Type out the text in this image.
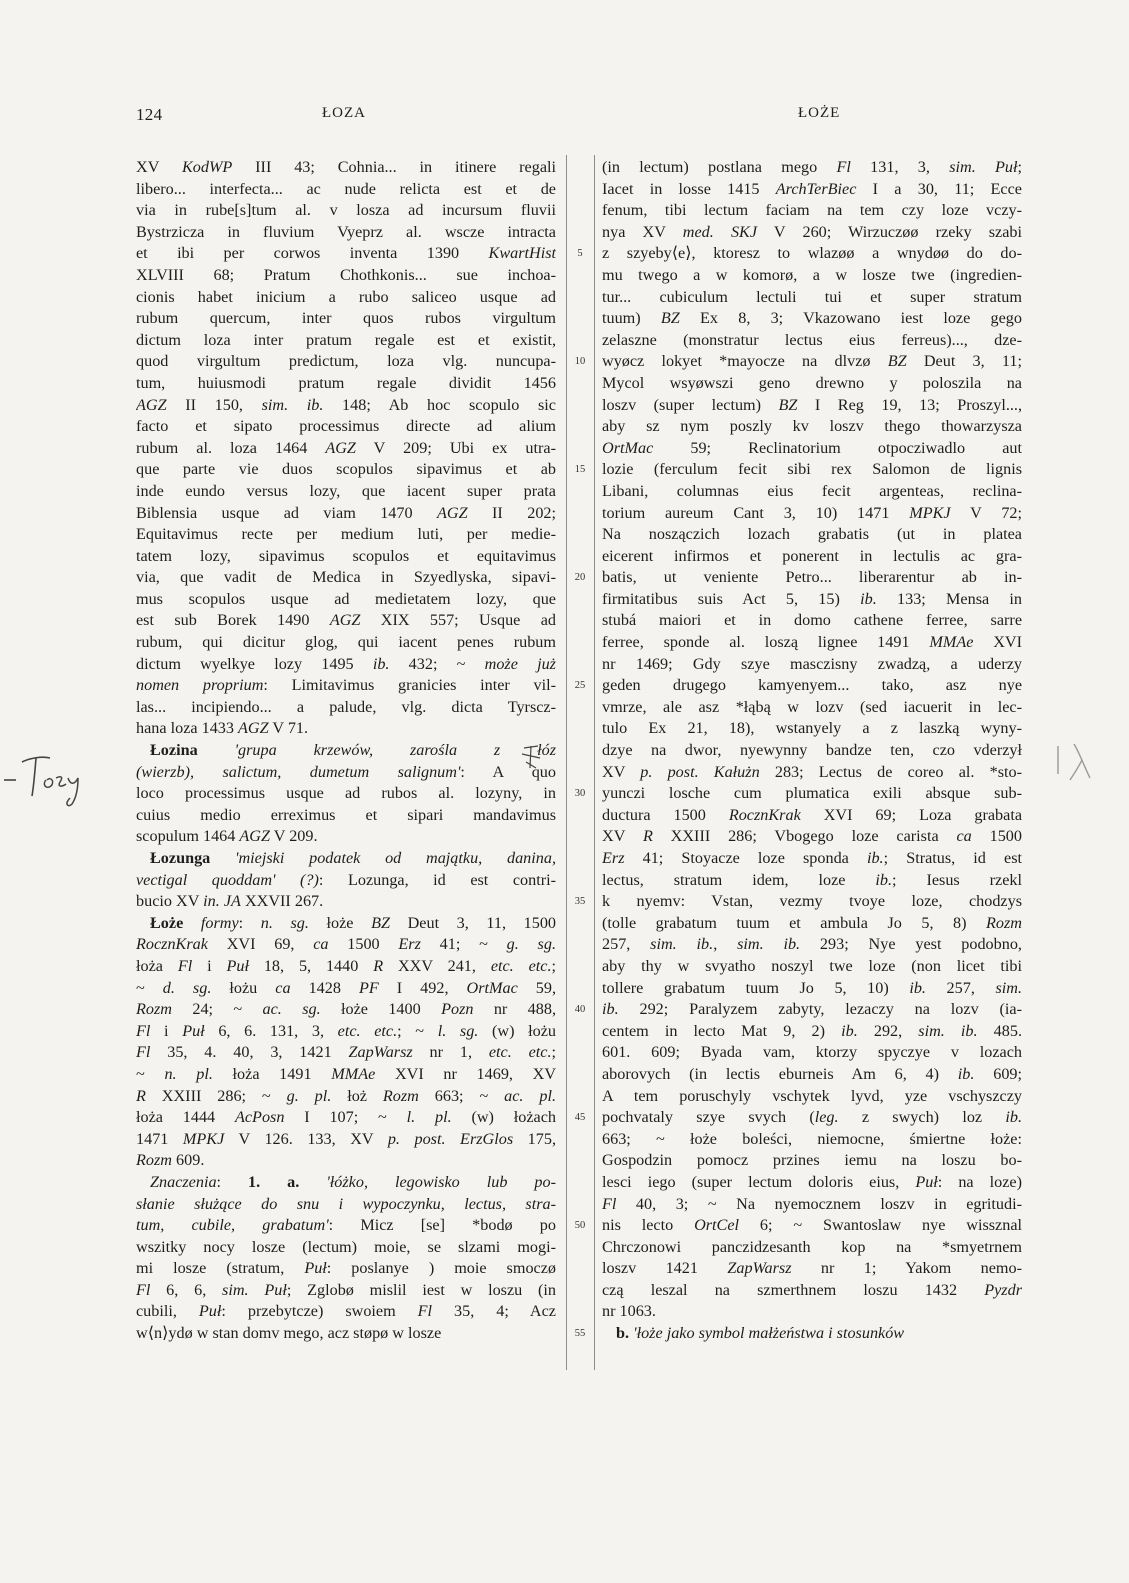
124	ŁOZA	ŁOŻE
XV KodWP III 43; Cohnia... in itinere regali
libero... interfecta... ac nude relicta est et de
via in rube[s]tum al. v losza ad incursum fluvii
Bystrzicza in fluvium Vyeprz al. wscze intracta
et ibi per corwos inventa 1390 KwartHist
XLVIII 68; Pratum Chothkonis... sue inchoa-
cionis habet inicium a rubo saliceo usque ad
rubum quercum, inter quos rubos virgultum
dictum loza inter pratum regale est et existit,
quod virgultum predictum, loza vlg. nuncupa-
tum, huiusmodi pratum regale dividit 1456
AGZ II 150, sim. ib. 148; Ab hoc scopulo sic
facto et sipato processimus directe ad alium
rubum al. loza 1464 AGZ V 209; Ubi ex utra-
que parte vie duos scopulos sipavimus et ab
inde eundo versus lozy, que iacent super prata
Biblensia usque ad viam 1470 AGZ II 202;
Equitavimus recte per medium luti, per medie-
tatem lozy, sipavimus scopulos et equitavimus
via, que vadit de Medica in Szyedlyska, sipavi-
mus scopulos usque ad medietatem lozy, que
est sub Borek 1490 AGZ XIX 557; Usque ad
rubum, qui dicitur glog, qui iacent penes rubum
dictum wyelkye lozy 1495 ib. 432; ~ może już
nomen proprium: Limitavimus granicies inter vil-
las... incipiendo... a palude, vlg. dicta Tyrscz-
hana loza 1433 AGZ V 71.
Łozina 'grupa krzewów, zarośla z łóz
(wierzb), salictum, dumetum salignum': A quo
loco processimus usque ad rubos al. lozyny, in
cuius medio erreximus et sipari mandavimus
scopulum 1464 AGZ V 209.
Łozunga 'miejski podatek od majątku, danina,
vectigal quoddam' (?): Lozunga, id est contri-
bucio XV in. JA XXVII 267.
Łoże formy: n. sg. łoże BZ Deut 3, 11, 1500
RocznKrak XVI 69, ca 1500 Erz 41; ~ g. sg.
łoża Fl i Puł 18, 5, 1440 R XXV 241, etc. etc.;
~ d. sg. łożu ca 1428 PF I 492, OrtMac 59,
Rozm 24; ~ ac. sg. łoże 1400 Pozn nr 488,
Fl i Puł 6, 6. 131, 3, etc. etc.; ~ l. sg. (w) łożu
Fl 35, 4. 40, 3, 1421 ZapWarsz nr 1, etc. etc.;
~ n. pl. łoża 1491 MMAe XVI nr 1469, XV
R XXIII 286; ~ g. pl. łoż Rozm 663; ~ ac. pl.
łoża 1444 AcPosn I 107; ~ l. pl. (w) łożach
1471 MPKJ V 126. 133, XV p. post. ErzGlos 175,
Rozm 609.
Znaczenia: 1. a. 'łóżko, legowisko lub po-
słanie służące do snu i wypoczynku, lectus, stra-
tum, cubile, grabatum': Micz [se] *bodø po
wszitky nocy losze (lectum) moie, se slzami mogi-
mi losze (stratum, Puł: poslanye ) moie smoczø
Fl 6, 6, sim. Puł; Zglobø mislil iest w loszu (in
cubili, Puł: przebytcze) swoiem Fl 35, 4; Acz
w⟨n⟩ydø w stan domv mego, acz støpø w losze
5
10
15
20
25
30
35
40
45
50
55
(in lectum) postlana mego Fl 131, 3, sim. Puł;
Iacet in losse 1415 ArchTerBiec I a 30, 11; Ecce
fenum, tibi lectum faciam na tem czy loze vczy-
nya XV med. SKJ V 260; Wirzuczøø rzeky szabi
z szyeby⟨e⟩, ktoresz to wlazøø a wnydøø do do-
mu twego a w komorø, a w losze twe (ingredien-
tur... cubiculum lectuli tui et super stratum
tuum) BZ Ex 8, 3; Vkazowano iest loze gego
zelaszne (monstratur lectus eius ferreus)..., dze-
wyøcz lokyet *mayocze na dlvzø BZ Deut 3, 11;
Mycol wsyøwszi geno drewno y poloszila na
loszv (super lectum) BZ I Reg 19, 13; Proszyl...,
aby sz nym poszly kv loszv thego thowarzysza
OrtMac 59; Reclinatorium otpocziwadlo aut
lozie (ferculum fecit sibi rex Salomon de lignis
Libani, columnas eius fecit argenteas, reclina-
torium aureum Cant 3, 10) 1471 MPKJ V 72;
Na noszączich lozach grabatis (ut in platea
eicerent infirmos et ponerent in lectulis ac gra-
batis, ut veniente Petro... liberarentur ab in-
firmitatibus suis Act 5, 15) ib. 133; Mensa in
stubá maiori et in domo cathene ferree, sarre
ferree, sponde al. loszą lignee 1491 MMAe XVI
nr 1469; Gdy szye masczisny zwadzą, a uderzy
geden drugego kamyenyem... tako, asz nye
vmrze, ale asz *łąbą w lozv (sed iacuerit in lec-
tulo Ex 21, 18), wstanyely a z laszką wyny-
dzye na dwor, nyewynny bandze ten, czo vderzył
XV p. post. Kałużn 283; Lectus de coreo al. *sto-
yunczi losche cum plumatica exili absque sub-
ductura 1500 RocznKrak XVI 69; Loza grabata
XV R XXIII 286; Vbogego loze carista ca 1500
Erz 41; Stoyacze loze sponda ib.; Stratus, id est
lectus, stratum idem, loze ib.; Iesus rzekl
k nyemv: Vstan, vezmy tvoye loze, chodzys
(tolle grabatum tuum et ambula Jo 5, 8) Rozm
257, sim. ib., sim. ib. 293; Nye yest podobno,
aby thy w svyatho noszyl twe loze (non licet tibi
tollere grabatum tuum Jo 5, 10) ib. 257, sim.
ib. 292; Paralyzem zabyty, lezaczy na lozv (ia-
centem in lecto Mat 9, 2) ib. 292, sim. ib. 485.
601. 609; Byada vam, ktorzy spyczye v lozach
aborovych (in lectis eburneis Am 6, 4) ib. 609;
A tem poruschyly vschytek lyvd, yze vschyszczy
pochvataly szye svych (leg. z swych) loz ib.
663; ~ łoże boleści, niemocne, śmiertne łoże:
Gospodzin pomocz przines iemu na loszu bo-
lesci iego (super lectum doloris eius, Puł: na loze)
Fl 40, 3; ~ Na nyemocznem loszv in egritudi-
nis lecto OrtCel 6; ~ Swantoslaw nye wissznal
Chrczonowi panczidzesanth kop na *smyetrnem
loszv 1421 ZapWarsz nr 1; Yakom nemo-
czą leszal na szmerthnem loszu 1432 Pyzdr
nr 1063.
b. 'łoże jako symbol małżeństwa i stosunków
